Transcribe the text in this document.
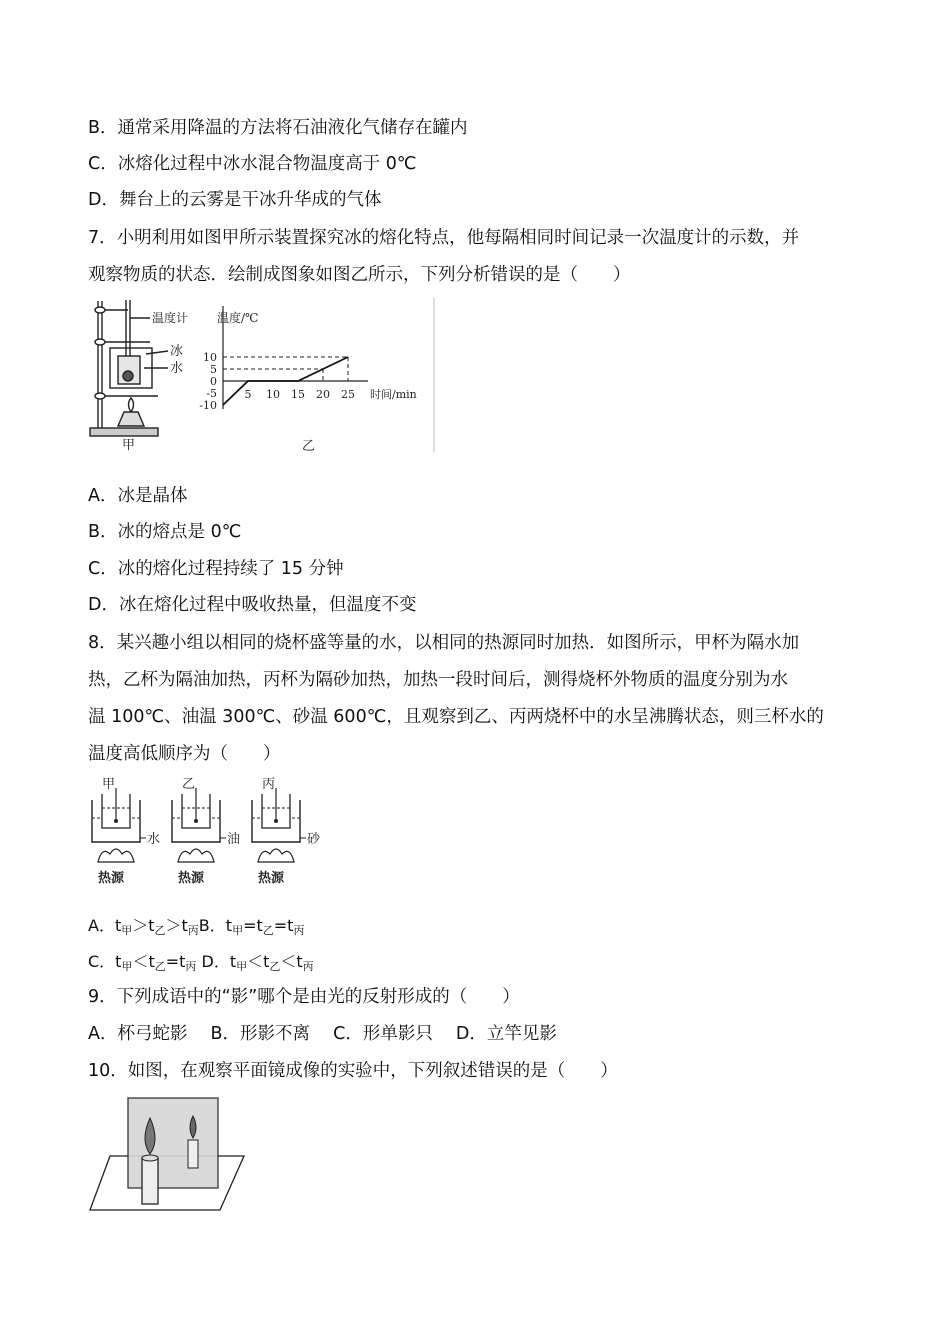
B．通常采用降温的方法将石油液化气储存在罐内
C．冰熔化过程中冰水混合物温度高于 0℃
D．舞台上的云雾是干冰升华成的气体
7．小明利用如图甲所示装置探究冰的熔化特点，他每隔相同时间记录一次温度计的示数，并
观察物质的状态．绘制成图象如图乙所示，下列分析错误的是（　　）
温度计
冰
水
甲
温度/℃
时间/min
10
5
0
-5
-10
5 10 15 20 25
乙
A．冰是晶体
B．冰的熔点是 0℃
C．冰的熔化过程持续了 15 分钟
D．冰在熔化过程中吸收热量，但温度不变
8．某兴趣小组以相同的烧杯盛等量的水，以相同的热源同时加热．如图所示，甲杯为隔水加
热，乙杯为隔油加热，丙杯为隔砂加热，加热一段时间后，测得烧杯外物质的温度分别为水
温 100℃、油温 300℃、砂温 600℃，且观察到乙、丙两烧杯中的水呈沸腾状态，则三杯水的
温度高低顺序为（　　）
甲
水
热源
乙
油
热源
丙
砂
热源
A．t甲＞t乙＞t丙B．t甲=t乙=t丙
C．t甲＜t乙=t丙 D．t甲＜t乙＜t丙
9．下列成语中的“影”哪个是由光的反射形成的（　　）
A．杯弓蛇影　 B．形影不离　 C．形单影只　 D．立竿见影
10．如图，在观察平面镜成像的实验中，下列叙述错误的是（　　）
